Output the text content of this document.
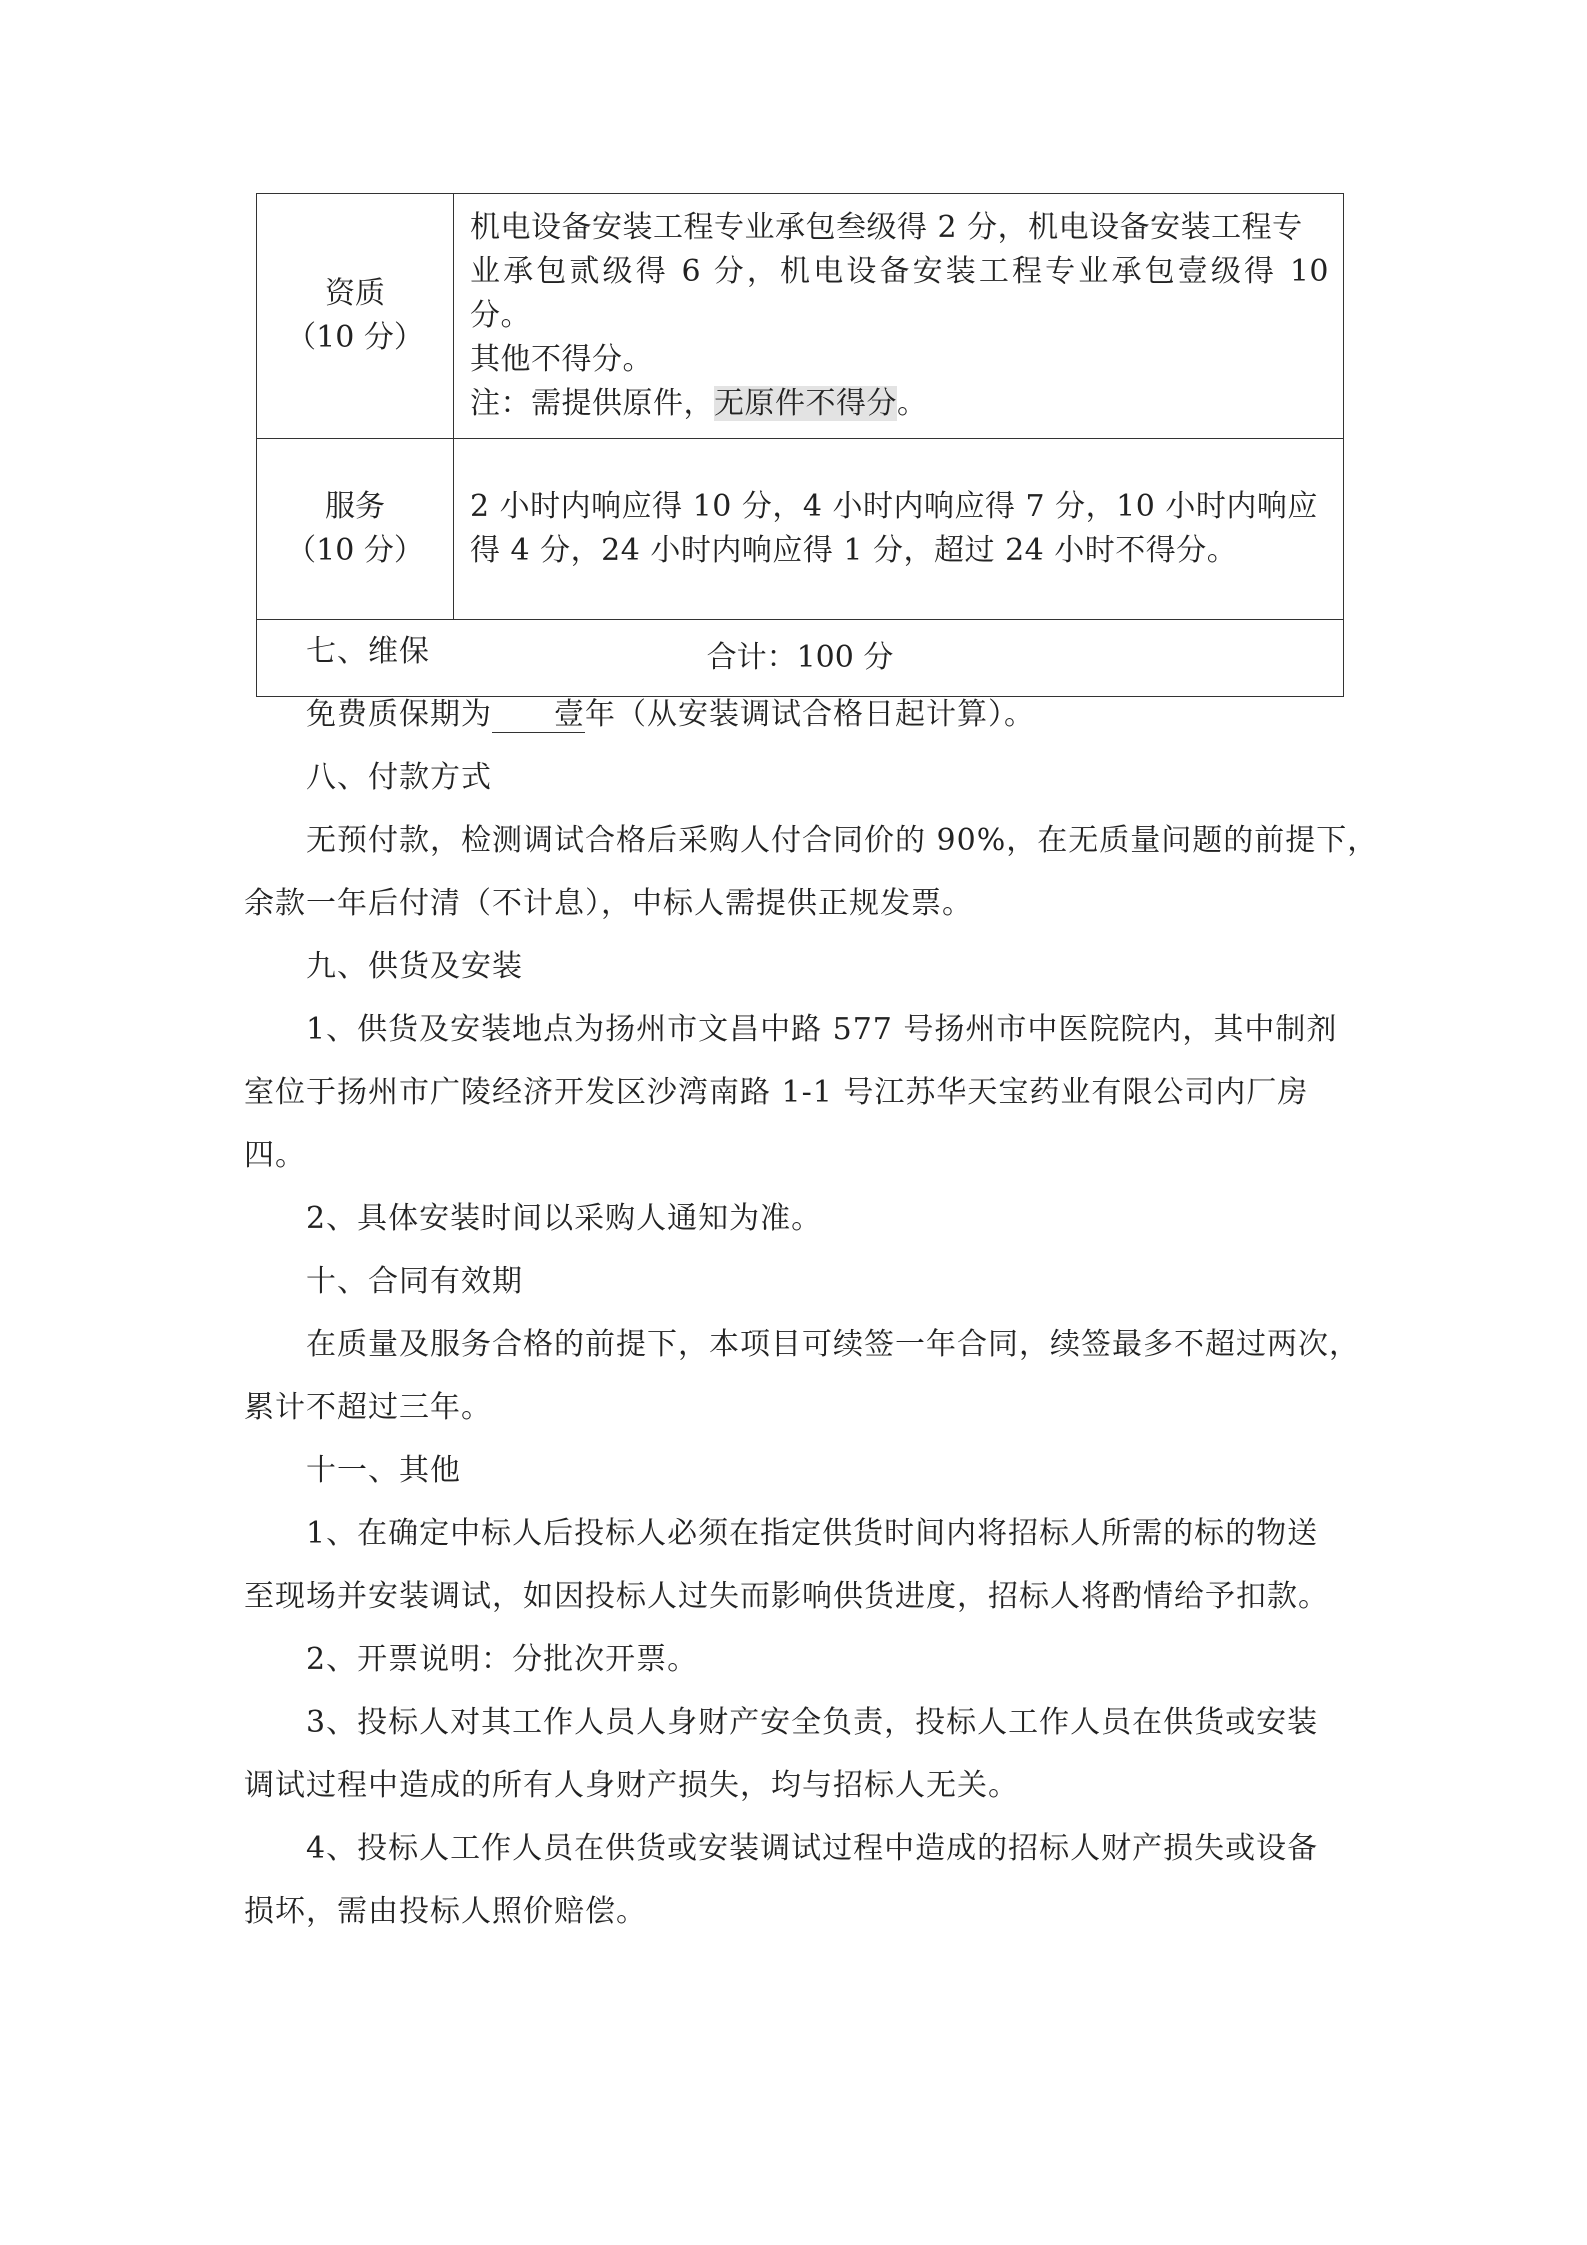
资质
（10 分）	机电设备安装工程专业承包叁级得 2 分，机电设备安装工程专
业承包贰级得 6 分，机电设备安装工程专业承包壹级得 10 分。
其他不得分。
注：需提供原件，无原件不得分。

服务
（10 分）	2 小时内响应得 10 分，4 小时内响应得 7 分，10 小时内响应
得 4 分，24 小时内响应得 1 分，超过 24 小时不得分。

合计：100 分	
七、维保
免费质保期为 壹年（从安装调试合格日起计算）。
八、付款方式
无预付款，检测调试合格后采购人付合同价的 90%，在无质量问题的前提下，
余款一年后付清（不计息），中标人需提供正规发票。
九、供货及安装
1、供货及安装地点为扬州市文昌中路 577 号扬州市中医院院内，其中制剂
室位于扬州市广陵经济开发区沙湾南路 1-1 号江苏华天宝药业有限公司内厂房
四。
2、具体安装时间以采购人通知为准。
十、合同有效期
在质量及服务合格的前提下，本项目可续签一年合同，续签最多不超过两次，
累计不超过三年。
十一、其他
1、在确定中标人后投标人必须在指定供货时间内将招标人所需的标的物送
至现场并安装调试，如因投标人过失而影响供货进度，招标人将酌情给予扣款。
2、开票说明：分批次开票。
3、投标人对其工作人员人身财产安全负责，投标人工作人员在供货或安装
调试过程中造成的所有人身财产损失，均与招标人无关。
4、投标人工作人员在供货或安装调试过程中造成的招标人财产损失或设备
损坏，需由投标人照价赔偿。
